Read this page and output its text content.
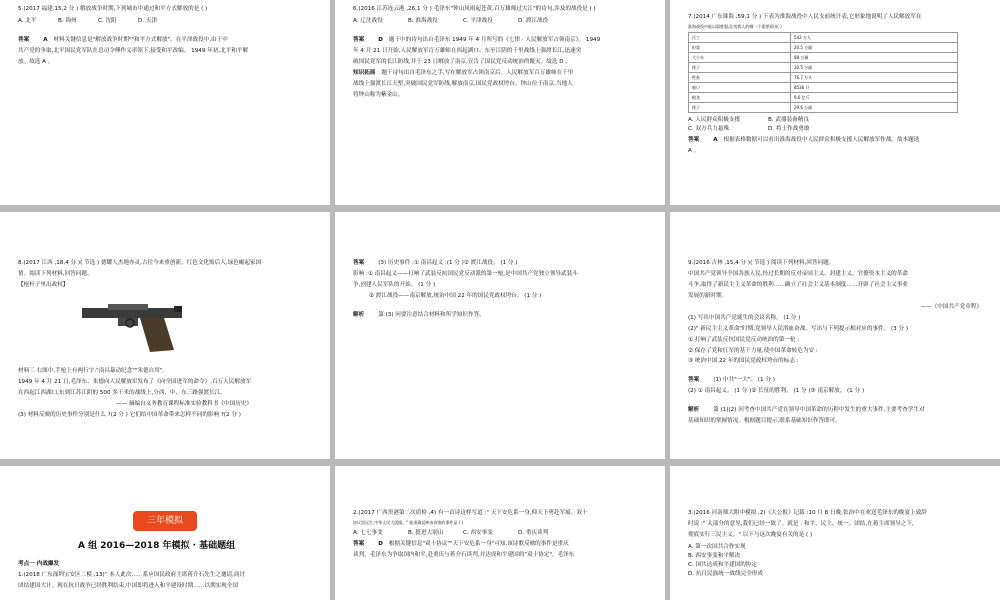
5.(2017 福建,15,2 分 ) 解放战争时期,下列城市中通过和平方式解放的是 ( )

A. 北平	B. 锦州	C. 沈阳	D. 天津

答案	A 材料关键信息是"解放战争时期""和平方式解放"。在平津战役中,由于中

共产党的争取,北平国民党军队在总司令傅作义率领下,接受和平改编。 1949 年初,北平和平解

放。故选 A 。

6.(2016 江苏连云港 ,26,1 分 ) 毛泽东"钟山风雨起苍黄,百万雄师过大江"的诗句,涉及的战役是 ( )

A. 辽沈战役	B. 淮海战役	C. 平津战役	D. 渡江战役

答案	D 题干中的诗句出自毛泽东 1949 年 4 月所写的《七律 · 人民解放军占领南京》。 1949

年 4 月 21 日开始,人民解放军百万雄师在西起湖口、东至江阴的千里战线上强渡长江,迅速突

破国民党军的长江防线,并于 23 日解放了南京,宣告了国民党反动统治的覆灭。故选 D 。

知识拓展 题干诗句出自毛泽东之手,写在解放军占领南京后。人民解放军百万雄师在千里

战线上强渡长江天堑,突破国民党军防线,解放南京,国民党政权垮台。钟山位于南京,当地人

将钟山称为紫金山。

7.(2014 广东珠海 ,59,1 分 ) 下表为淮海战役中人民支前统计表,它形象地说明了人民解放军在

淮海战役中能以弱胜强,壮哉我人的哪一个重要原因( )

民工	543 万人
担架	20.5 万副
大小车	88 万辆
挑子	30.5 万副
牲畜	76.7 万头
船只	8536 只
粮食	9.6 亿斤
挑子	29.6 万副
A. 人民群众积极支援	B. 武器装备精良
C. 双方兵力悬殊	D. 将士作战勇敢

答案	A 根据表格数据可以看出淮海战役中人民群众积极支援人民解放军作战。故本题选

A 。

8.(2017 江西 ,18,4 分 )( 节选 ) 德耀人杰地亦灵,古往今来重创新。红色文化贻后人,绿色崛起家国

情。阅读下列材料,回答问题。

【枪杆子里出政权】

材料三 右图中,手枪上有两行字:"南昌暴动纪念""朱德自用"。

1949 年 4 月 21 日,毛泽东、朱德向人民解放军发布了《向全国进军的命令》,百万人民解放军

在西起江西湖口,东到江苏江阴的 500 多千米的战线上,分西、中、东三路强渡长江。

—— 摘编自义务教育课程标准实验教科书《中国历史》

(3) 材料反映的历史事件分别是什么 ?(2 分 ) 它们给中国革命带来怎样不同的影响 ?(2 分 )

答案	(3) 历史事件 :① 南昌起义 ;(1 分 )② 渡江战役。 (1 分 )

影响 :① 南昌起义——打响了武装反抗国民党反动派的第一枪,是中国共产党独立领导武装斗

争,创建人民军队的开始。 (1 分 )

② 渡江战役——南京解放,统治中国 22 年的国民党政权垮台。 (1 分 )

解析	第 (3) 问要注意结合材料和所学知识作答。

9.(2016 吉林 ,15,4 分 )( 节选 ) 阅读下列材料,回答问题。

中国共产党领导全国各族人民,经过长期的反对帝国主义、封建主义、官僚资本主义的革命

斗争,取得了新民主主义革命的胜利……确立了社会主义基本制度……开辟了社会主义事业

发展的新时期。

——《中国共产党章程》

(1) 写出中国共产党诞生的会议名称。 (1 分 )

(2)" 新民主主义革命"时期,党领导人民浴血奋战。写出与下列提示相对应的事件。 (3 分 )

① 打响了武装反抗国民党反动统治的第一枪 :

② 保存了党和红军的基干力量,使中国革命转危为安 :

③ 统治中国 22 年的国民党政权垮台的标志 :

答案	(1) 中共"一大"。 (1 分 )

(2) ① 南昌起义。 (1 分 )② 长征的胜利。 (1 分 )③ 南京解放。 (1 分 )

解析	第 (1)(2) 问考查中国共产党在领导中国革命的历程中发生的重大事件,主要考查学生对

基础知识的掌握情况。根据题目提示,联系基础知识作答即可。

三年模拟
A 组 2016—2018 年模拟 · 基础题组

考点一 内战爆发

1.(2018 广东深圳宝安区二模 ,13)" 本人此次……系应国民政府主席蒋介石先生之邀请,商讨

团结建国大计。现在抗日战争已经胜利结束,中国即将进入和平建设时期……以期实现全国

2.(2017 广西贵港第二次质检 ,4) 有一首诗这样写道 :" 天下安危系一身,仰天下勇赴军瘟。双十

协议崇远生,中华人民大团圆。" 能准确反映该诗歌的事件是 ( )

A. 七七事变	B. 挺进大别山	C. 西安事变	D. 重庆谈判

答案	D 根据关键信息"双十协议""天下安危系一身"可知,该诗歌反映的事件是重庆

谈判。毛泽东为争取国内和平,赴重庆与蒋介石谈判,并达成和平建国的"双十协定"。毛泽东

3.(2016 河南师大附中模拟 ,2)《大公报》记载 :10 月 8 日晚,张治中在欢送毛泽东的晚宴上致辞

时说 :" 太部分的意见,我们已经一致了。就是 : 和平、民主、统一、团结,在蒋主席领导之下,

彻底实行三民主义。" 以下与这次晚宴有关的是 ( )

A. 第一次国共合作实现
B. 西安事变和平解决
C. 国共达成和平建国的协定
D. 抗日民族统一战线完全形成
